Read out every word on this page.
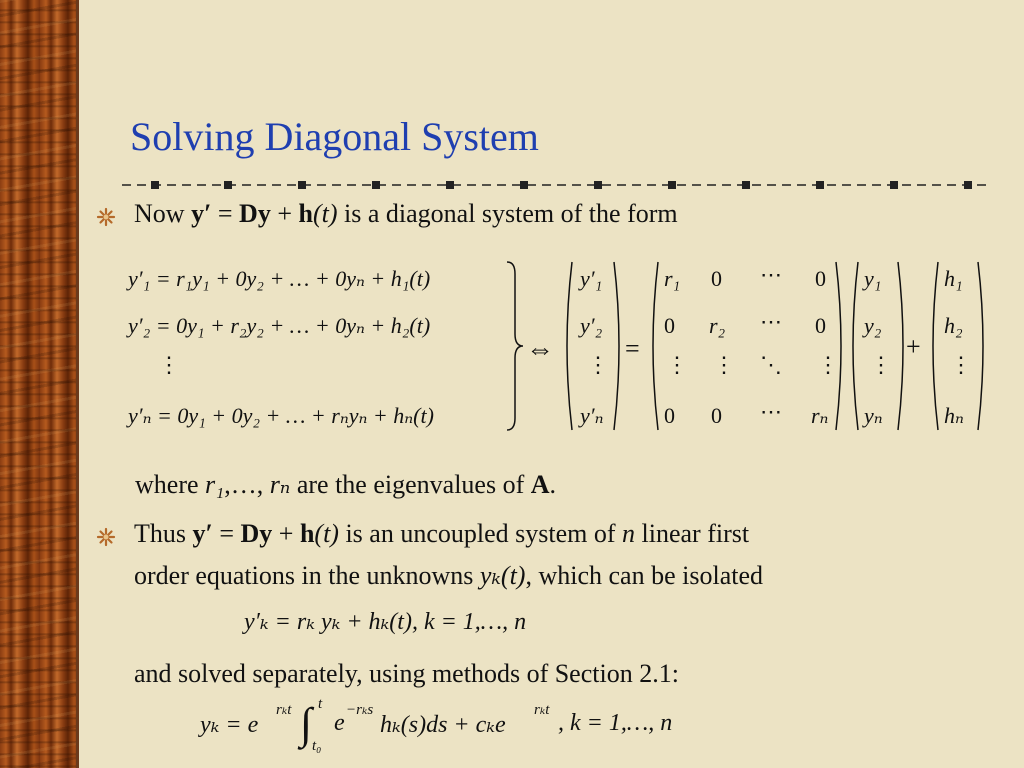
Solving Diagonal System
Now y′ = Dy + h(t) is a diagonal system of the form
y′₁ = r₁y₁ + 0y₂ + … + 0yₙ + h₁(t)
y′₂ = 0y₁ + r₂y₂ + … + 0yₙ + h₂(t)
⋮
y′ₙ = 0y₁ + 0y₂ + … + rₙyₙ + hₙ(t)
⇔
y′₁
y′₂
⋮
y′ₙ
=
r₁ 0 ⋯ 0
0 r₂ ⋯ 0
⋮ ⋮ ⋱ ⋮
0 0 ⋯ rₙ
y₁
y₂
⋮
yₙ
+
h₁
h₂
⋮
hₙ
where r₁,…, rₙ are the eigenvalues of A.
Thus y′ = Dy + h(t) is an uncoupled system of n linear first
order equations in the unknowns yₖ(t), which can be isolated
y′ₖ = rₖ yₖ + hₖ(t), k = 1,…, n
and solved separately, using methods of Section 2.1:
yₖ = e
rₖt ∫ t
t₀
e −rₖs
hₖ(s)ds + cₖe
rₖt , k = 1,…, n
